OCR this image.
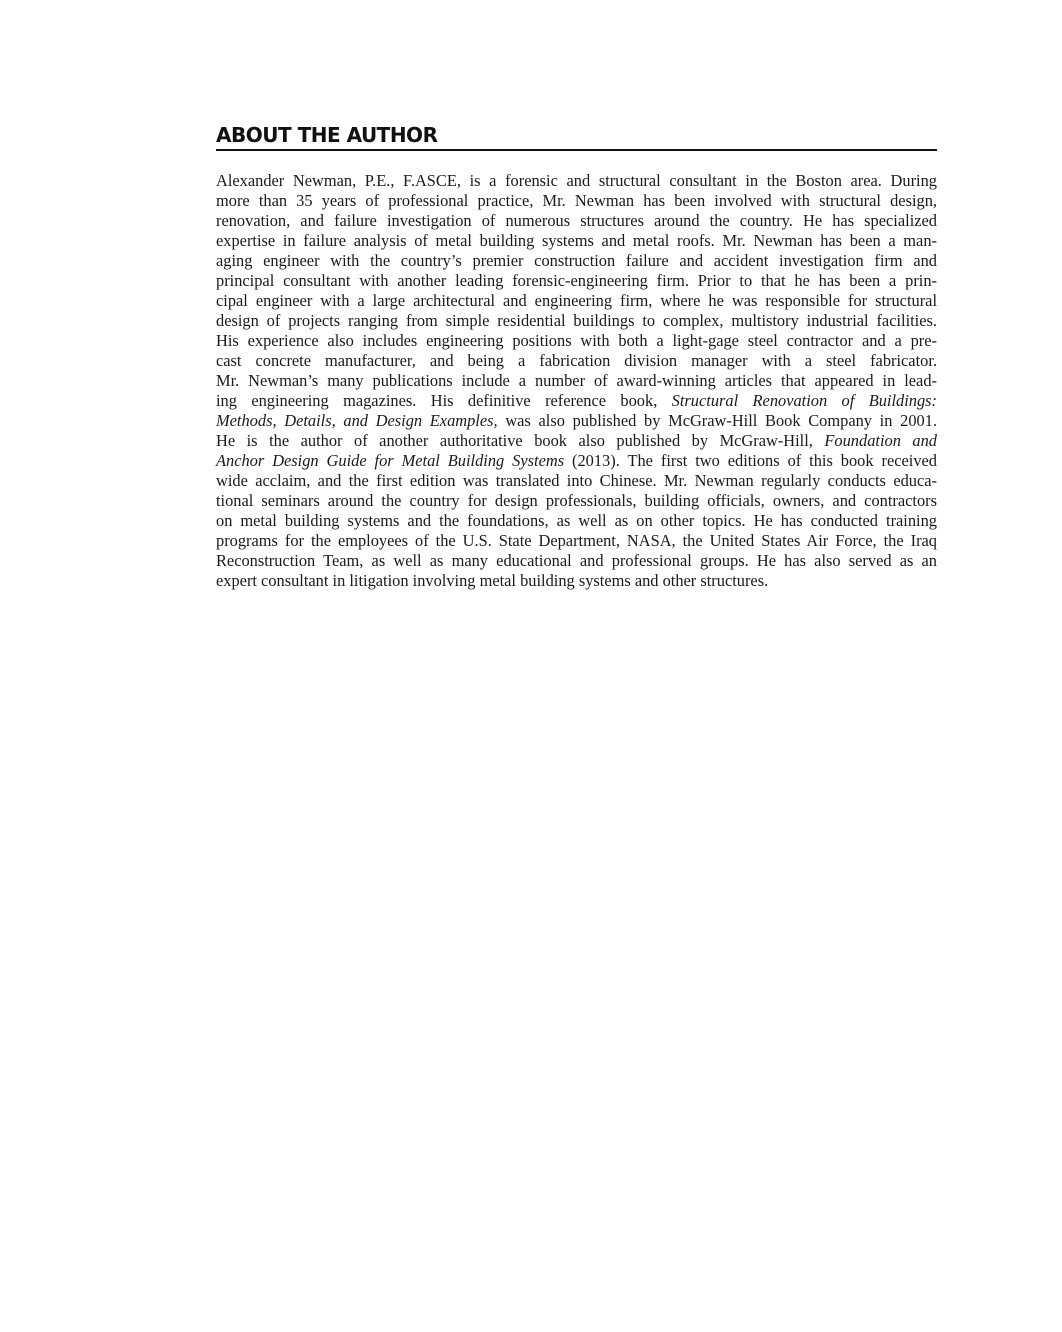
ABOUT THE AUTHOR
Alexander Newman, P.E., F.ASCE, is a forensic and structural consultant in the Boston area. During
more than 35 years of professional practice, Mr. Newman has been involved with structural design,
renovation, and failure investigation of numerous structures around the country. He has specialized
expertise in failure analysis of metal building systems and metal roofs. Mr. Newman has been a man-
aging engineer with the country’s premier construction failure and accident investigation firm and
principal consultant with another leading forensic-engineering firm. Prior to that he has been a prin-
cipal engineer with a large architectural and engineering firm, where he was responsible for structural
design of projects ranging from simple residential buildings to complex, multistory industrial facilities.
His experience also includes engineering positions with both a light-gage steel contractor and a pre-
cast concrete manufacturer, and being a fabrication division manager with a steel fabricator.
Mr. Newman’s many publications include a number of award-winning articles that appeared in lead-
ing engineering magazines. His definitive reference book, Structural Renovation of Buildings:
Methods, Details, and Design Examples, was also published by McGraw-Hill Book Company in 2001.
He is the author of another authoritative book also published by McGraw-Hill, Foundation and
Anchor Design Guide for Metal Building Systems (2013). The first two editions of this book received
wide acclaim, and the first edition was translated into Chinese. Mr. Newman regularly conducts educa-
tional seminars around the country for design professionals, building officials, owners, and contractors
on metal building systems and the foundations, as well as on other topics. He has conducted training
programs for the employees of the U.S. State Department, NASA, the United States Air Force, the Iraq
Reconstruction Team, as well as many educational and professional groups. He has also served as an
expert consultant in litigation involving metal building systems and other structures.
